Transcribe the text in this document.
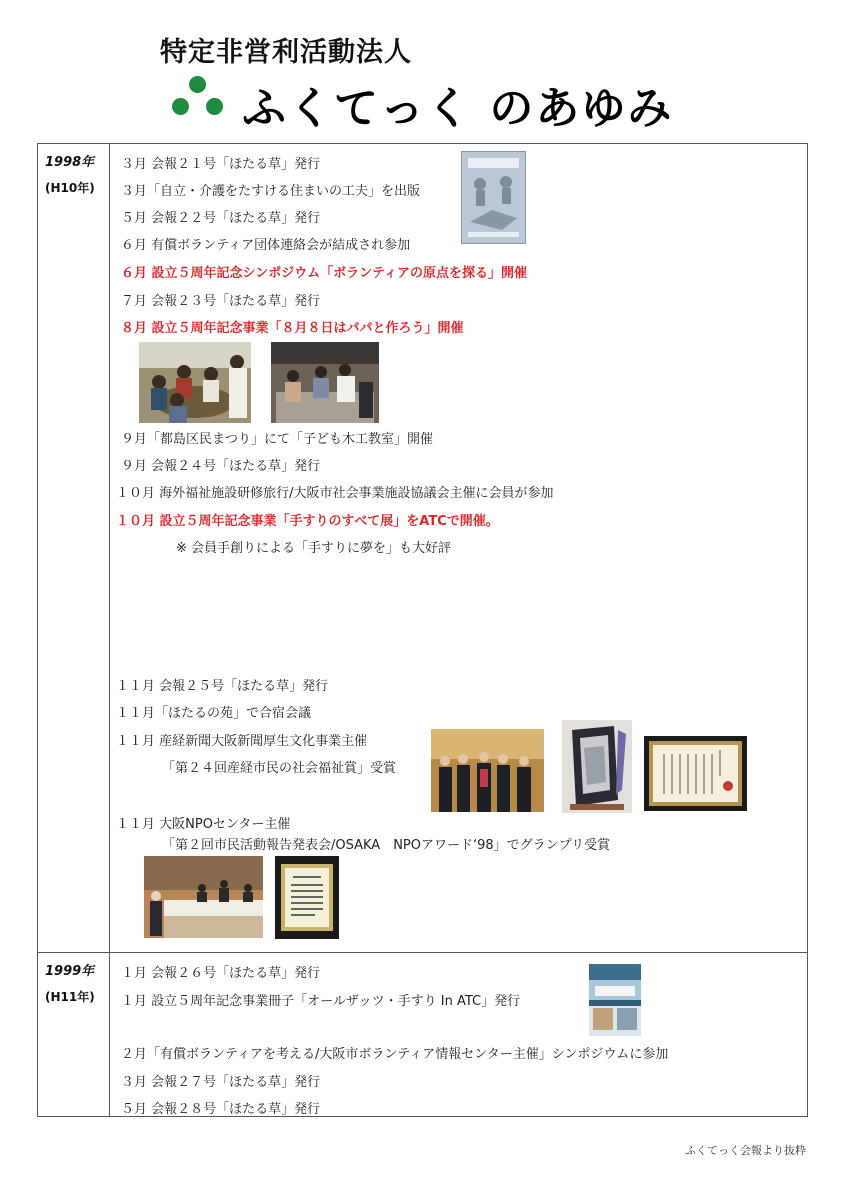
特定非営利活動法人
ふくてっく のあゆみ
1998年
(H10年)
３月 会報２１号「ほたる草」発行
３月「自立・介護をたすける住まいの工夫」を出版
５月 会報２２号「ほたる草」発行
６月 有償ボランティア団体連絡会が結成され参加
６月 設立５周年記念シンポジウム「ボランティアの原点を探る」開催
７月 会報２３号「ほたる草」発行
８月 設立５周年記念事業「８月８日はパパと作ろう」開催
９月「都島区民まつり」にて「子ども木工教室」開催
９月 会報２４号「ほたる草」発行
１０月 海外福祉施設研修旅行/大阪市社会事業施設協議会主催に会員が参加
１０月 設立５周年記念事業「手すりのすべて展」をATCで開催。
※ 会員手創りによる「手すりに夢を」も大好評
１１月 会報２５号「ほたる草」発行
１１月「ほたるの苑」で合宿会議
１１月 産経新聞大阪新聞厚生文化事業主催
「第２４回産経市民の社会福祉賞」受賞
１１月 大阪NPOセンター主催
「第２回市民活動報告発表会/OSAKA　NPOアワード‘98」でグランプリ受賞
1999年
(H11年)
１月 会報２６号「ほたる草」発行
１月 設立５周年記念事業冊子「オールザッツ・手すり In ATC」発行
２月「有償ボランティアを考える/大阪市ボランティア情報センター主催」シンポジウムに参加
３月 会報２７号「ほたる草」発行
５月 会報２８号「ほたる草」発行
ふくてっく会報より抜粋
